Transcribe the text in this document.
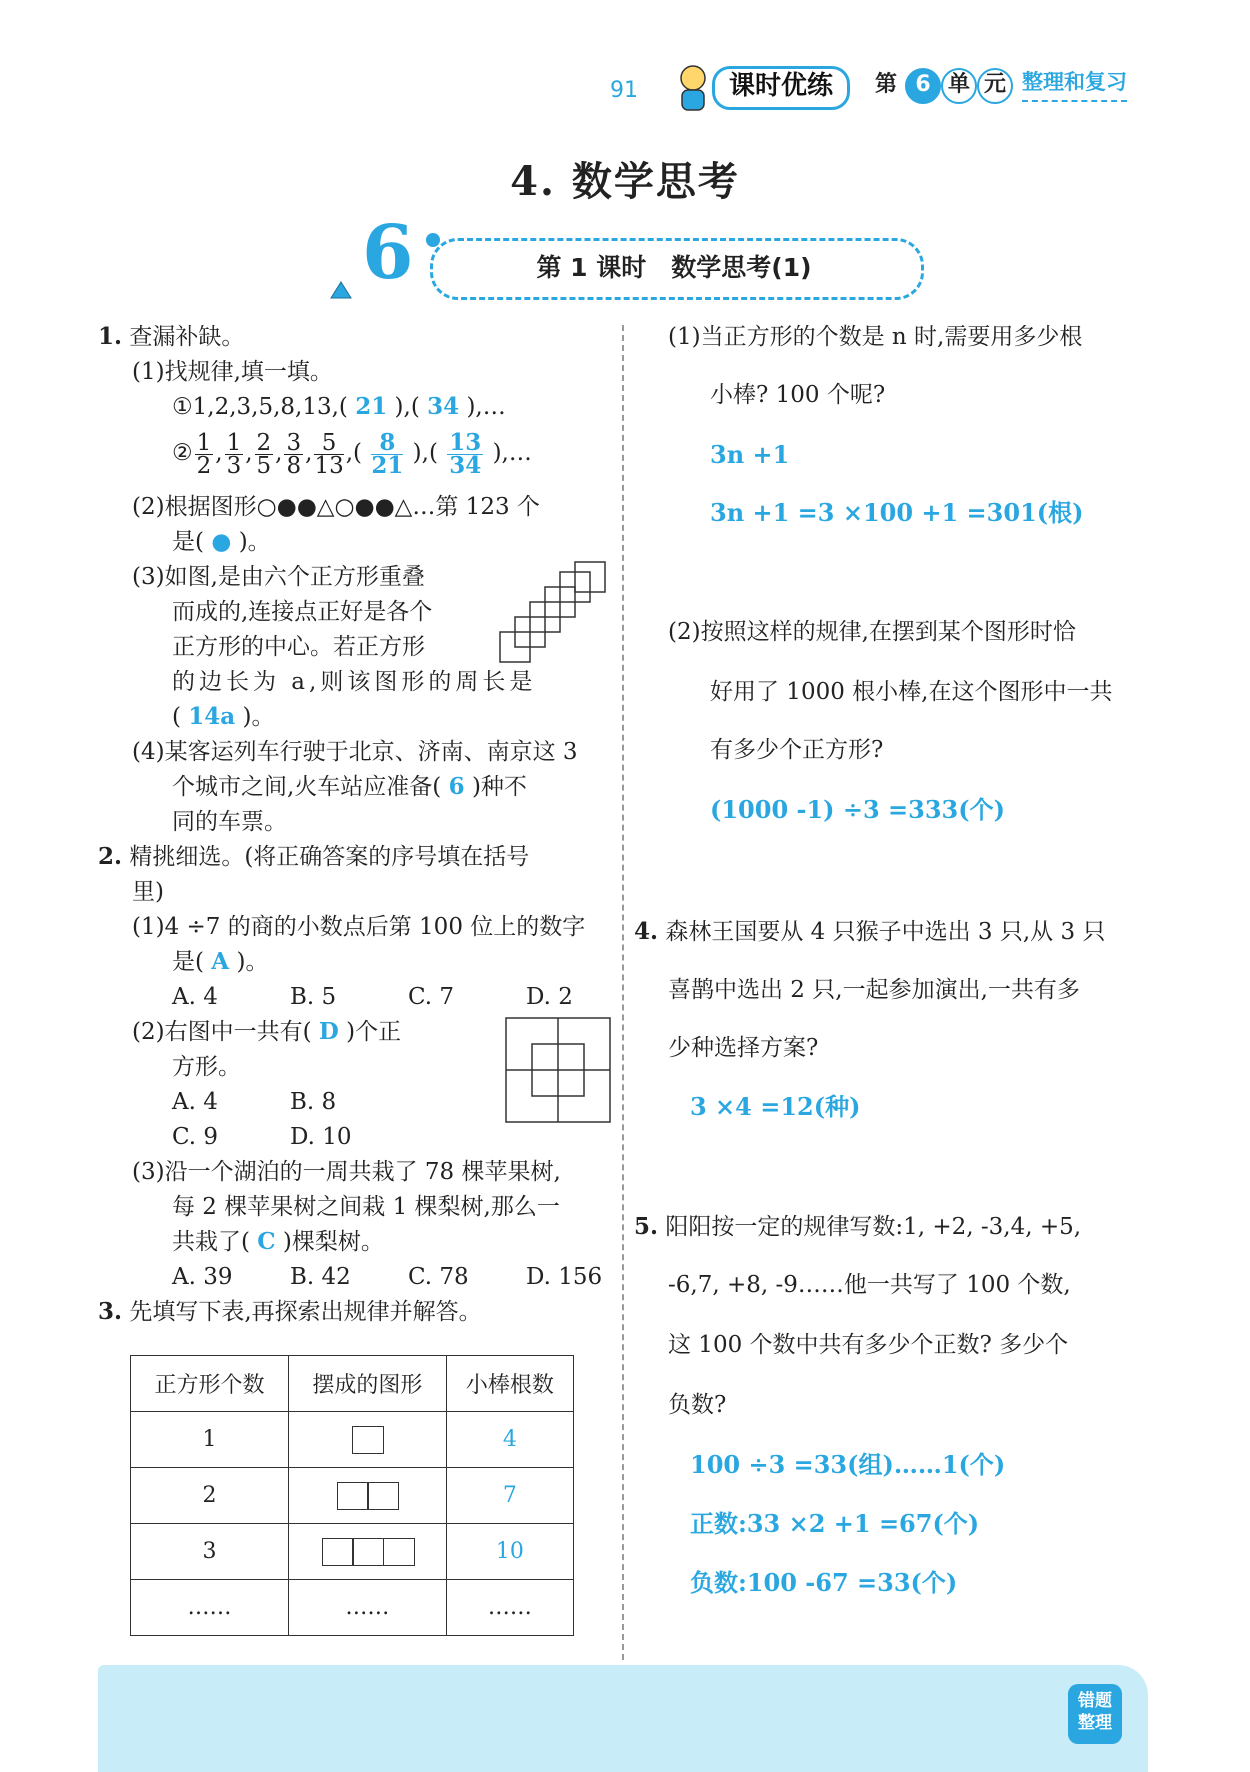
91	课时优练	第 6 单 元 整理和复习
4. 数学思考
6	第 1 课时　数学思考(1)
1. 查漏补缺。
(1)找规律,填一填。
①1,2,3,5,8,13,( 21 ),( 34 ),…
② $\frac{1}{2}$ , $\frac{1}{3}$ , $\frac{2}{5}$ , $\frac{3}{8}$ , $\frac{5}{13}$ ,( $\frac{8}{21}$ ),( $\frac{13}{34}$ ),…
(2)根据图形○●●△○●●△…第 123 个
是( ● )。
(3)如图,是由六个正方形重叠
而成的,连接点正好是各个
正方形的中心。若正方形
的边长为 a,则该图形的周长是
( 14a )。
(4)某客运列车行驶于北京、济南、南京这 3
个城市之间,火车站应准备( 6 )种不
同的车票。
2. 精挑细选。(将正确答案的序号填在括号
里)
(1)4 ÷7 的商的小数点后第 100 位上的数字
是( A )。
A. 4	B. 5	C. 7	D. 2
(2)右图中一共有( D )个正
方形。
A. 4	B. 8
C. 9	D. 10
(3)沿一个湖泊的一周共栽了 78 棵苹果树,
每 2 棵苹果树之间栽 1 棵梨树,那么一
共栽了( C )棵梨树。
A. 39	B. 42 C. 78 D. 156
3. 先填写下表,再探索出规律并解答。
正方形个数	摆成的图形	小棒根数
1		4
2		7
3		10
……	……	……
(1)当正方形的个数是 n 时,需要用多少根
小棒? 100 个呢?
3n +1
3n +1 =3 ×100 +1 =301(根)
(2)按照这样的规律,在摆到某个图形时恰
好用了 1000 根小棒,在这个图形中一共
有多少个正方形?
(1000 -1) ÷3 =333(个)
4. 森林王国要从 4 只猴子中选出 3 只,从 3 只
喜鹊中选出 2 只,一起参加演出,一共有多
少种选择方案?
3 ×4 =12(种)
5. 阳阳按一定的规律写数:1, +2, -3,4, +5,
-6,7, +8, -9……他一共写了 100 个数,
这 100 个数中共有多少个正数? 多少个
负数?
100 ÷3 =33(组)……1(个)
正数:33 ×2 +1 =67(个)
负数:100 -67 =33(个)
错题
整理
